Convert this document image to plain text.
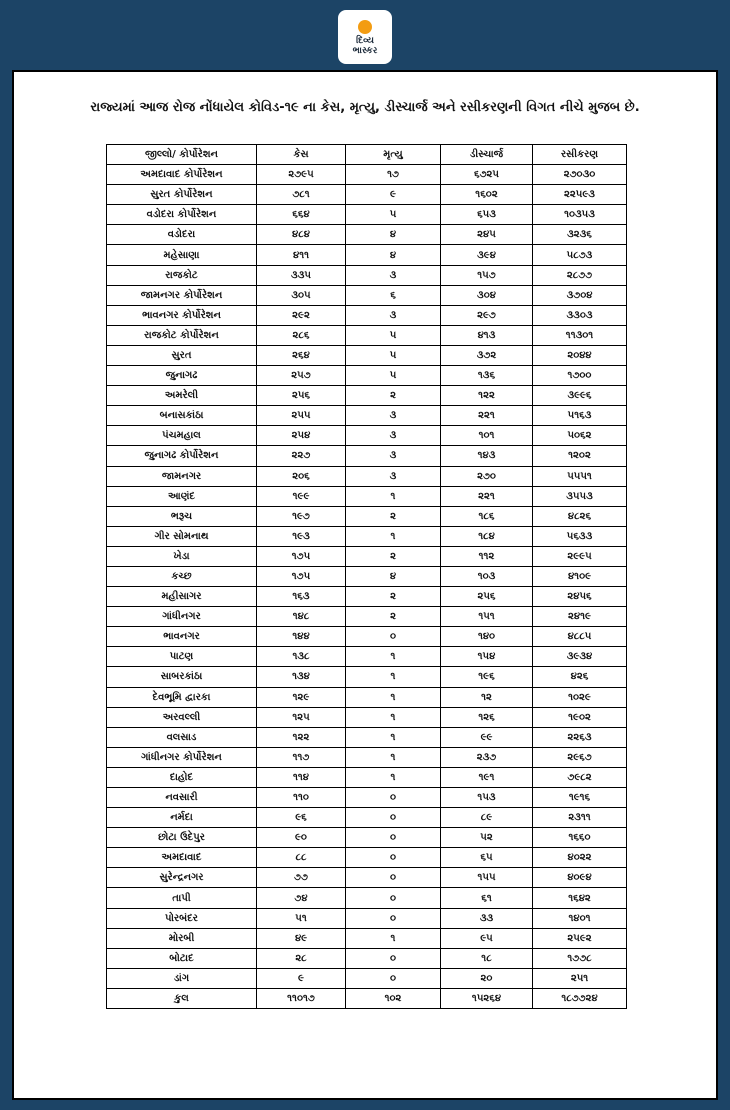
દિવ્ય
ભાસ્કર
રાજ્યમાં આજ રોજ નોંધાયેલ કોવિડ-૧૯ ના કેસ, મૃત્યુ, ડીસ્ચાર્જ અને રસીકરણની વિગત નીચે મુજબ છે.
જીલ્લો/ કોર્પોરેશન	કેસ	મૃત્યુ	ડીસ્ચાર્જ	રસીકરણ
અમદાવાદ કોર્પોરેશન	૨૭૯૫	૧૭	૬૭૨૫	૨૭૦૩૦
સુરત કોર્પોરેશન	૭૮૧	૯	૧૬૦૨	૨૨૫૯૩
વડોદરા કોર્પોરેશન	૬૬૪	૫	૬૫૩	૧૦૩૫૩
વડોદરા	૪૮૪	૪	૨૪૫	૩૨૩૬
મહેસાણા	૪૧૧	૪	૩૯૪	૫૮૭૩
રાજકોટ	૩૩૫	૩	૧૫૭	૨૮૭૭
જામનગર કોર્પોરેશન	૩૦૫	૬	૩૦૪	૩૭૦૪
ભાવનગર કોર્પોરેશન	૨૯૨	૩	૨૯૭	૩૩૦૩
રાજકોટ કોર્પોરેશન	૨૮૬	૫	૪૧૩	૧૧૩૦૧
સુરત	૨૬૪	૫	૩૭૨	૨૦૪૪
જુનાગઢ	૨૫૭	૫	૧૩૬	૧૭૦૦
અમરેલી	૨૫૬	૨	૧૨૨	૩૯૯૬
બનાસકાંઠા	૨૫૫	૩	૨૨૧	૫૧૬૩
પંચમહાલ	૨૫૪	૩	૧૦૧	૫૦૬૨
જુનાગઢ કોર્પોરેશન	૨૨૭	૩	૧૪૩	૧૨૦૨
જામનગર	૨૦૬	૩	૨૭૦	૫૫૫૧
આણંદ	૧૯૯	૧	૨૨૧	૩૫૫૩
ભરૂચ	૧૯૭	૨	૧૮૬	૪૮૨૬
ગીર સોમનાથ	૧૯૩	૧	૧૮૪	૫૬૩૩
ખેડા	૧૭૫	૨	૧૧૨	૨૯૯૫
કચ્છ	૧૭૫	૪	૧૦૩	૪૧૦૯
મહીસાગર	૧૬૩	૨	૨૫૬	૨૪૫૬
ગાંધીનગર	૧૪૮	૨	૧૫૧	૨૪૧૯
ભાવનગર	૧૪૪	૦	૧૪૦	૪૮૮૫
પાટણ	૧૩૮	૧	૧૫૪	૩૯૩૪
સાબરકાંઠા	૧૩૪	૧	૧૯૬	૪૨૬
દેવભૂમિ દ્વારકા	૧૨૯	૧	૧૨	૧૦૨૯
અરવલ્લી	૧૨૫	૧	૧૨૬	૧૯૦૨
વલસાડ	૧૨૨	૧	૯૯	૨૨૬૩
ગાંધીનગર કોર્પોરેશન	૧૧૭	૧	૨૩૭	૨૯૬૭
દાહોદ	૧૧૪	૧	૧૯૧	૭૯૮૨
નવસારી	૧૧૦	૦	૧૫૩	૧૯૧૬
નર્મદા	૯૬	૦	૮૯	૨૩૧૧
છોટા ઉદેપુર	૯૦	૦	૫૨	૧૬૬૦
અમદાવાદ	૮૮	૦	૬૫	૪૦૨૨
સુરેન્દ્રનગર	૭૭	૦	૧૫૫	૪૦૯૪
તાપી	૭૪	૦	૬૧	૧૬૪૨
પોરબંદર	૫૧	૦	૩૩	૧૪૦૧
મોરબી	૪૯	૧	૯૫	૨૫૯૨
બોટાદ	૨૮	૦	૧૮	૧૭૭૮
ડાંગ	૯	૦	૨૦	૨૫૧
કુલ	૧૧૦૧૭	૧૦૨	૧૫૨૬૪	૧૮૭૭૨૪
